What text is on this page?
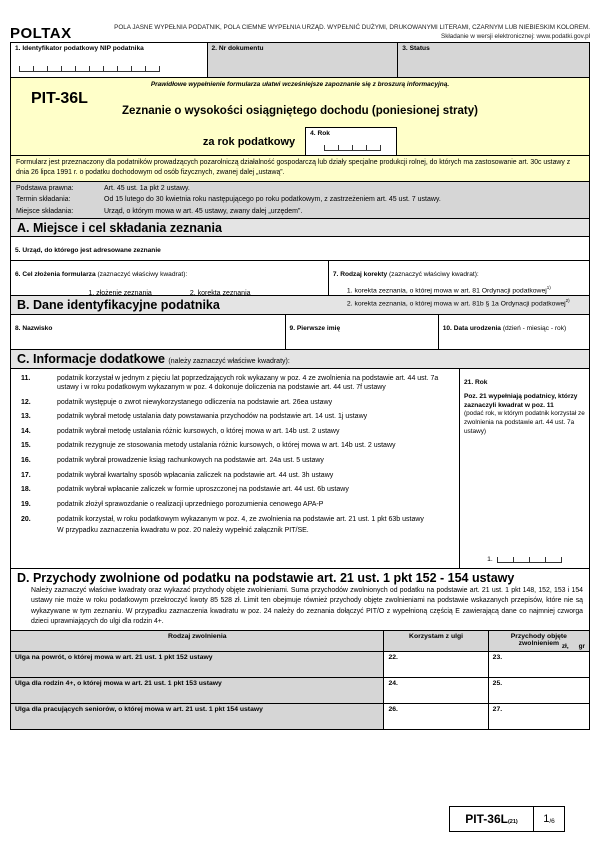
POLTAX	POLA JASNE WYPEŁNIA PODATNIK, POLA CIEMNE WYPEŁNIA URZĄD. WYPEŁNIĆ DUŻYMI, DRUKOWANYMI LITERAMI, CZARNYM LUB NIEBIESKIM KOLOREM.
Składanie w wersji elektronicznej: www.podatki.gov.pl
1. Identyfikator podatkowy NIP podatnika	2. Nr dokumentu	3. Status
Prawidłowe wypełnienie formularza ułatwi wcześniejsze zapoznanie się z broszurą informacyjną.
PIT-36L
Zeznanie o wysokości osiągniętego dochodu (poniesionej straty)
za rok podatkowy
4. Rok
Formularz jest przeznaczony dla podatników prowadzących pozarolniczą działalność gospodarczą lub działy specjalne produkcji rolnej, do których ma zastosowanie art. 30c ustawy z dnia 26 lipca 1991 r. o podatku dochodowym od osób fizycznych, zwanej dalej „ustawą”.
Podstawa prawna:	Art. 45 ust. 1a pkt 2 ustawy.
Termin składania:	Od 15 lutego do 30 kwietnia roku następującego po roku podatkowym, z zastrzeżeniem art. 45 ust. 7 ustawy.
Miejsce składania:	Urząd, o którym mowa w art. 45 ustawy, zwany dalej „urzędem”.
A. Miejsce i cel składania zeznania
5. Urząd, do którego jest adresowane zeznanie
6. Cel złożenia formularza (zaznaczyć właściwy kwadrat):
1. złożenie zeznania	2. korekta zeznania
7. Rodzaj korekty (zaznaczyć właściwy kwadrat):
1. korekta zeznania, o której mowa w art. 81 Ordynacji podatkowej$^{1)}$
2. korekta zeznania, o której mowa w art. 81b § 1a Ordynacji podatkowej$^{2)}$
B. Dane identyfikacyjne podatnika
8. Nazwisko	9. Pierwsze imię	10. Data urodzenia (dzień - miesiąc - rok)
C. Informacje dodatkowe (należy zaznaczyć właściwe kwadraty):
11.	podatnik korzystał w jednym z pięciu lat poprzedzających rok wykazany w poz. 4 ze zwolnienia na podstawie art. 44 ust. 7a ustawy i w roku podatkowym wykazanym w poz. 4 dokonuje doliczenia na podstawie art. 44 ust. 7f ustawy
12.	podatnik występuje o zwrot niewykorzystanego odliczenia na podstawie art. 26ea ustawy
13.	podatnik wybrał metodę ustalania daty powstawania przychodów na podstawie art. 14 ust. 1j ustawy
14.	podatnik wybrał metodę ustalania różnic kursowych, o której mowa w art. 14b ust. 2 ustawy
15.	podatnik rezygnuje ze stosowania metody ustalania różnic kursowych, o której mowa w art. 14b ust. 2 ustawy
16.	podatnik wybrał prowadzenie ksiąg rachunkowych na podstawie art. 24a ust. 5 ustawy
17.	podatnik wybrał kwartalny sposób wpłacania zaliczek na podstawie art. 44 ust. 3h ustawy
18.	podatnik wybrał wpłacanie zaliczek w formie uproszczonej na podstawie art. 44 ust. 6b ustawy
19.	podatnik złożył sprawozdanie o realizacji uprzedniego porozumienia cenowego APA-P
20.	podatnik korzystał, w roku podatkowym wykazanym w poz. 4, ze zwolnienia na podstawie art. 21 ust. 1 pkt 63b ustawy
W przypadku zaznaczenia kwadratu w poz. 20 należy wypełnić załącznik PIT/SE.
21. Rok
Poz. 21 wypełniają podatnicy, którzy zaznaczyli kwadrat w poz. 11
(podać rok, w którym podatnik korzystał ze zwolnienia na podstawie art. 44 ust. 7a ustawy)
1.
D. Przychody zwolnione od podatku na podstawie art. 21 ust. 1 pkt 152 - 154 ustawy
Należy zaznaczyć właściwe kwadraty oraz wykazać przychody objęte zwolnieniami. Suma przychodów zwolnionych od podatku na podstawie art. 21 ust. 1 pkt 148, 152, 153 i 154 ustawy nie może w roku podatkowym przekroczyć kwoty 85 528 zł. Limit ten obejmuje również przychody objęte zwolnieniami na podstawie wskazanych przepisów, które nie są wykazywane w tym zeznaniu. W przypadku zaznaczenia kwadratu w poz. 24 należy do zeznania dołączyć PIT/O z wypełnioną częścią E zawierającą dane co najmniej czworga dzieci uprawniających do ulgi dla rodzin 4+.
Rodzaj zwolnienia	Korzystam z ulgi	Przychody objęte zwolnieniem zł, gr

Ulga na powrót, o której mowa w art. 21 ust. 1 pkt 152 ustawy	22.	23.
Ulga dla rodzin 4+, o której mowa w art. 21 ust. 1 pkt 153 ustawy	24.	25.
Ulga dla pracujących seniorów, o której mowa w art. 21 ust. 1 pkt 154 ustawy	26.	27.
PIT-36L (21) 1 /6
